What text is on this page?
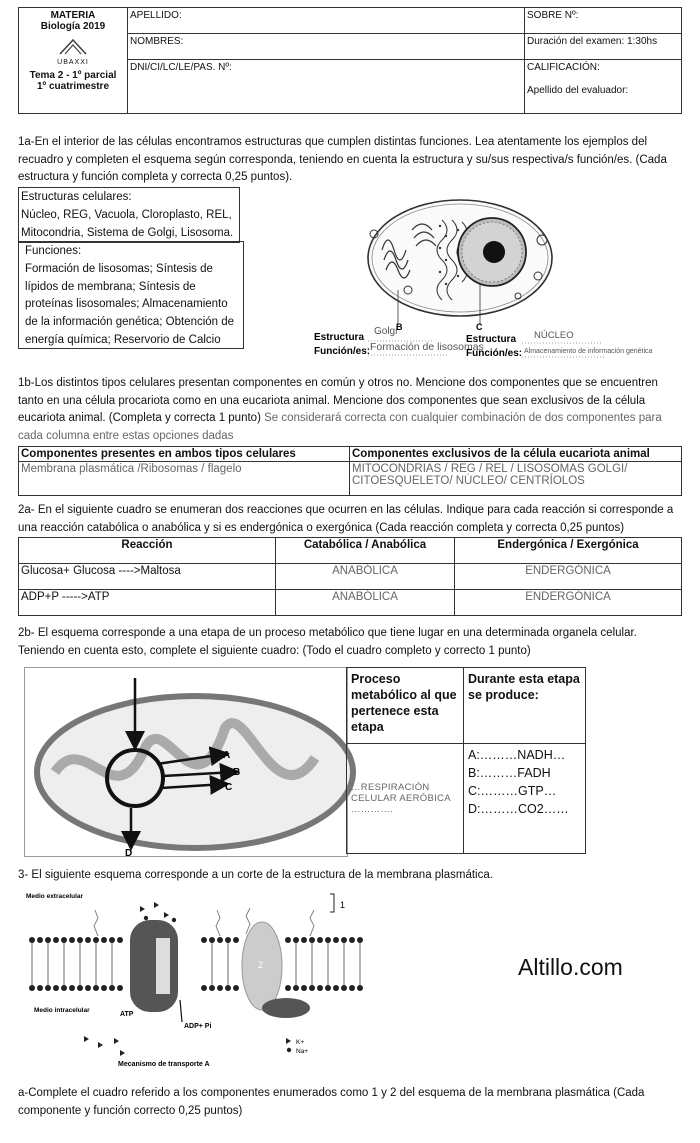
MATERIA
Biología 2019
UBAXXI
Tema 2 - 1º parcial
1º cuatrimestre	APELLIDO:	SOBRE Nº:
	NOMBRES:	Duración del examen: 1:30hs
	DNI/CI/LC/LE/PAS. Nº:	CALIFICACIÓN:
Apellido del evaluador:
1a-En el interior de las células encontramos estructuras que cumplen distintas funciones. Lea atentamente los ejemplos del recuadro y completen el esquema según corresponda, teniendo en cuenta la estructura y su/sus respectiva/s función/es. (Cada estructura y función completa y correcta 0,25 puntos).
Estructuras celulares:
Núcleo, REG, Vacuola, Cloroplasto, REL, Mitocondria, Sistema de Golgi, Lisosoma.
Funciones:
Formación de lisosomas; Síntesis de lípidos de membrana; Síntesis de proteínas lisosomales; Almacenamiento de la información genética; Obtención de energía química; Reservorio de Calcio
B	C
Estructura
Golgi
Función/es: Formación de lisosomas
Estructura NÚCLEO
Función/es: Almacenamiento de información genética
1b-Los distintos tipos celulares presentan componentes en común y otros no. Mencione dos componentes que se encuentren tanto en una célula procariota como en una eucariota animal. Mencione dos componentes que sean exclusivos de la célula eucariota animal. (Completa y correcta 1 punto) Se considerará correcta con cualquier combinación de dos componentes para cada columna entre estas opciones dadas
Componentes presentes en ambos tipos celulares	Componentes exclusivos de la célula eucariota animal
Membrana plasmática /Ribosomas / flagelo	MITOCONDRIAS / REG / REL / LISOSOMAS GOLGI/ CITOESQUELETO/ NÚCLEO/ CENTRÍOLOS
2a- En el siguiente cuadro se enumeran dos reacciones que ocurren en las células. Indique para cada reacción si corresponde a una reacción catabólica o anabólica y si es endergónica o exergónica (Cada reacción completa y correcta 0,25 puntos)
Reacción	Catabólica / Anabólica	Endergónica / Exergónica
Glucosa+ Glucosa ---->Maltosa	ANABÓLICA	ENDERGÓNICA
ADP+P ----->ATP	ANABÓLICA	ENDERGÓNICA
2b- El esquema corresponde a una etapa de un proceso metabólico que tiene lugar en una determinada organela celular. Teniendo en cuenta esto, complete el siguiente cuadro: (Todo el cuadro completo y correcto 1 punto)
A
B
C
D
Proceso metabólico al que pertenece esta etapa	Durante esta etapa se produce:
…RESPIRACIÓN CELULAR AERÓBICA ………….	A:………NADH…
B:………FADH
C:………GTP…
D:………CO2……
3- El siguiente esquema corresponde a un corte de la estructura de la membrana plasmática.
Medio extracelular
Medio intracelular
1
2
ATP
ADP+ Pi
Mecanismo de transporte A
K+
Na+
Altillo.com
a-Complete el cuadro referido a los componentes enumerados como 1 y 2 del esquema de la membrana plasmática (Cada componente y función correcto 0,25 puntos)
